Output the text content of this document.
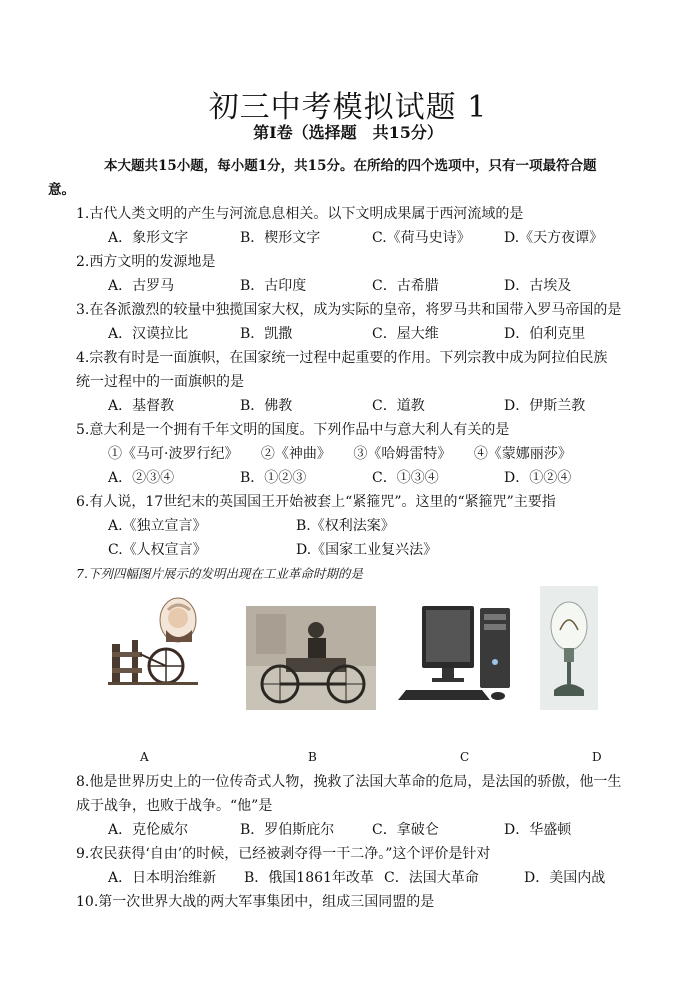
初三中考模拟试题 1
第Ⅰ卷（选择题　共15分）

本大题共15小题，每小题1分，共15分。在所给的四个选项中，只有一项最符合题
意。

1.古代人类文明的产生与河流息息相关。以下文明成果属于西河流域的是
A．象形文字	B．楔形文字	C.《荷马史诗》	D.《天方夜谭》
2.西方文明的发源地是
A．古罗马	B．古印度	C．古希腊	D．古埃及
3.在各派激烈的较量中独揽国家大权，成为实际的皇帝，将罗马共和国带入罗马帝国的是
A．汉谟拉比	B．凯撒	C．屋大维	D．伯利克里
4.宗教有时是一面旗帜，在国家统一过程中起重要的作用。下列宗教中成为阿拉伯民族
统一过程中的一面旗帜的是
A．基督教	B．佛教	C．道教	D．伊斯兰教
5.意大利是一个拥有千年文明的国度。下列作品中与意大利人有关的是
①《马可·波罗行纪》 ②《神曲》 ③《哈姆雷特》 ④《蒙娜丽莎》
A．②③④	B．①②③	C．①③④	D．①②④
6.有人说，17世纪末的英国国王开始被套上“紧箍咒”。这里的“紧箍咒”主要指
A.《独立宣言》	B.《权利法案》
C.《人权宣言》	D.《国家工业复兴法》
7.下列四幅图片展示的发明出现在工业革命时期的是
A	B	C	D
8.他是世界历史上的一位传奇式人物，挽救了法国大革命的危局，是法国的骄傲，他一生
成于战争，也败于战争。“他”是
A．克伦威尔	B．罗伯斯庇尔	C．拿破仑	D．华盛顿
9.农民获得‘自由’的时候，已经被剥夺得一干二净。”这个评价是针对
A．日本明治维新	B．俄国1861年改革 C．法国大革命	D．美国内战
10.第一次世界大战的两大军事集团中，组成三国同盟的是
